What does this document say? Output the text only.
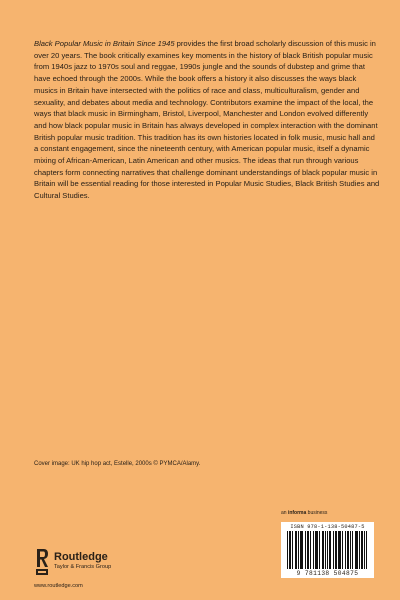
Black Popular Music in Britain Since 1945 provides the first broad scholarly discussion of this music in over 20 years. The book critically examines key moments in the history of black British popular music from 1940s jazz to 1970s soul and reggae, 1990s jungle and the sounds of dubstep and grime that have echoed through the 2000s. While the book offers a history it also discusses the ways black musics in Britain have intersected with the politics of race and class, multiculturalism, gender and sexuality, and debates about media and technology. Contributors examine the impact of the local, the ways that black music in Birmingham, Bristol, Liverpool, Manchester and London evolved differently and how black popular music in Britain has always developed in complex interaction with the dominant British popular music tradition. This tradition has its own histories located in folk music, music hall and a constant engagement, since the nineteenth century, with American popular music, itself a dynamic mixing of African-American, Latin American and other musics. The ideas that run through various chapters form connecting narratives that challenge dominant understandings of black popular music in Britain will be essential reading for those interested in Popular Music Studies, Black British Studies and Cultural Studies.

Cover image: UK hip hop act, Estelle, 2000s © PYMCA/Alamy.

an informa business
ISBN 978-1-138-50487-5
9 781138 504875
Routledge
Taylor & Francis Group
www.routledge.com
